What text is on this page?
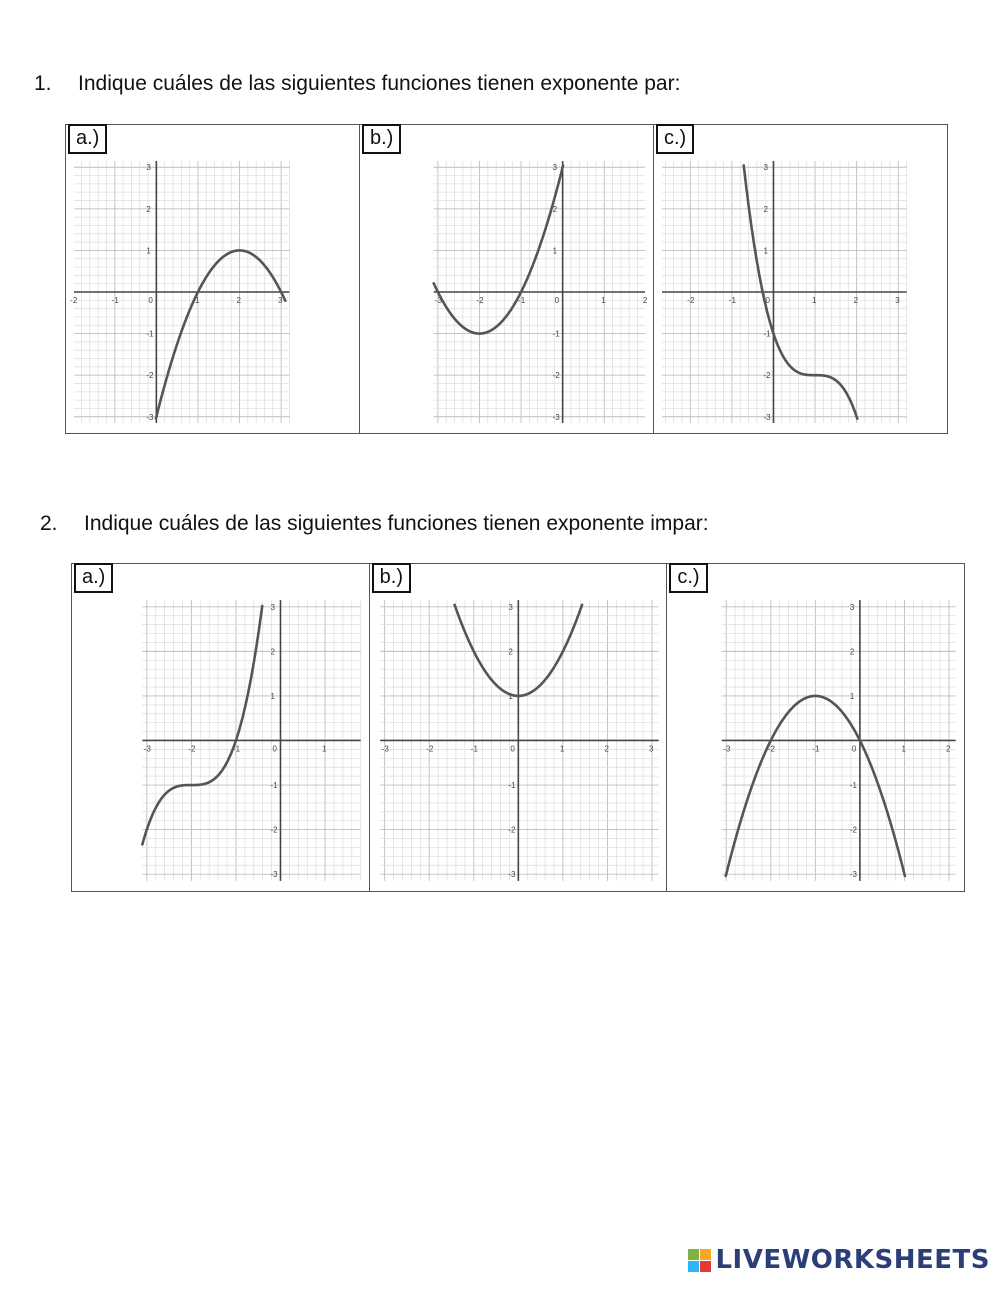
1. Indique cuáles de las siguientes funciones tienen exponente par:
a.)
-2	-1	0	1	2	3
3
2
1
-1
-2
-3
b.)
-3	-2	-1	0	1	2
3
2
1
-1
-2
-3
c.)
-2	-1	0	1	2	3
3
2
1
-1
-2
-3
2. Indique cuáles de las siguientes funciones tienen exponente impar:
a.)
-3	-2	-1	0	1
3
2
1
-1
-2
-3
b.)
-3	-2	-1	0	1	2	3
3
2
1
-1
-2
-3
c.)
-3	-2	-1	0	1	2
3
2
1
-1
-2
-3
LIVEWORKSHEETS
